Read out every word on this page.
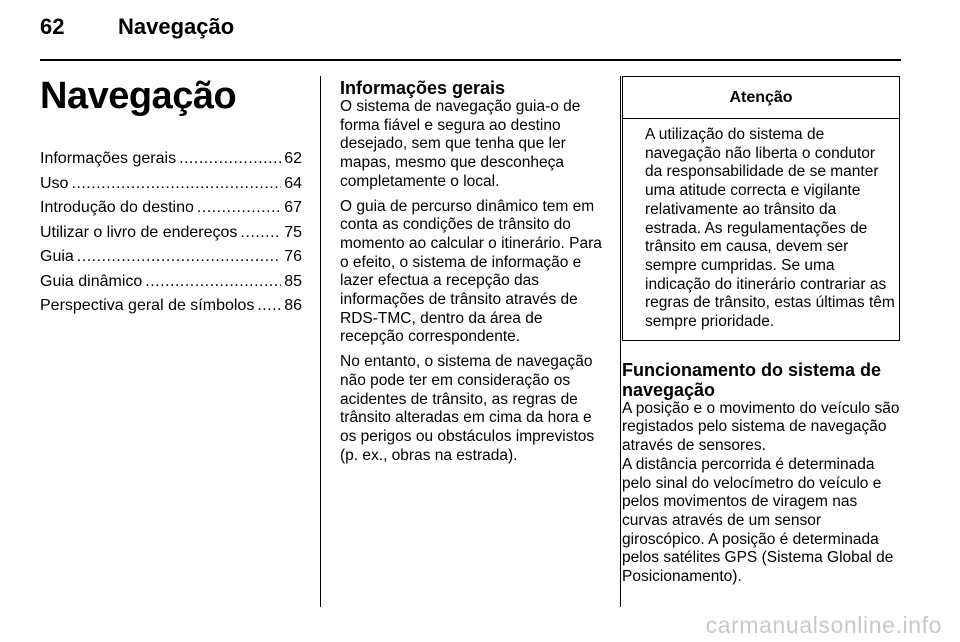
62 Navegação
Navegação
Informações gerais .....	62
Uso .....	64
Introdução do destino .....	67
Utilizar o livro de endereços .....	75
Guia .....	76
Guia dinâmico .....	85
Perspectiva geral de símbolos ..... 86
Informações gerais

O sistema de navegação guia-o de forma fiável e segura ao destino desejado, sem que tenha que ler mapas, mesmo que desconheça completamente o local.

O guia de percurso dinâmico tem em conta as condições de trânsito do momento ao calcular o itinerário. Para o efeito, o sistema de informação e lazer efectua a recepção das informações de trânsito através de RDS-TMC, dentro da área de recepção correspondente.

No entanto, o sistema de navegação não pode ter em consideração os acidentes de trânsito, as regras de trânsito alteradas em cima da hora e os perigos ou obstáculos imprevistos (p. ex., obras na estrada).

Atenção

A utilização do sistema de navegação não liberta o condutor da responsabilidade de se manter uma atitude correcta e vigilante relativamente ao trânsito da estrada. As regulamentações de trânsito em causa, devem ser sempre cumpridas. Se uma indicação do itinerário contrariar as regras de trânsito, estas últimas têm sempre prioridade.

Funcionamento do sistema de navegação

A posição e o movimento do veículo são registados pelo sistema de navegação através de sensores.

A distância percorrida é determinada pelo sinal do velocímetro do veículo e pelos movimentos de viragem nas curvas através de um sensor giroscópico. A posição é determinada pelos satélites GPS (Sistema Global de Posicionamento).

carmanualsonline.info
